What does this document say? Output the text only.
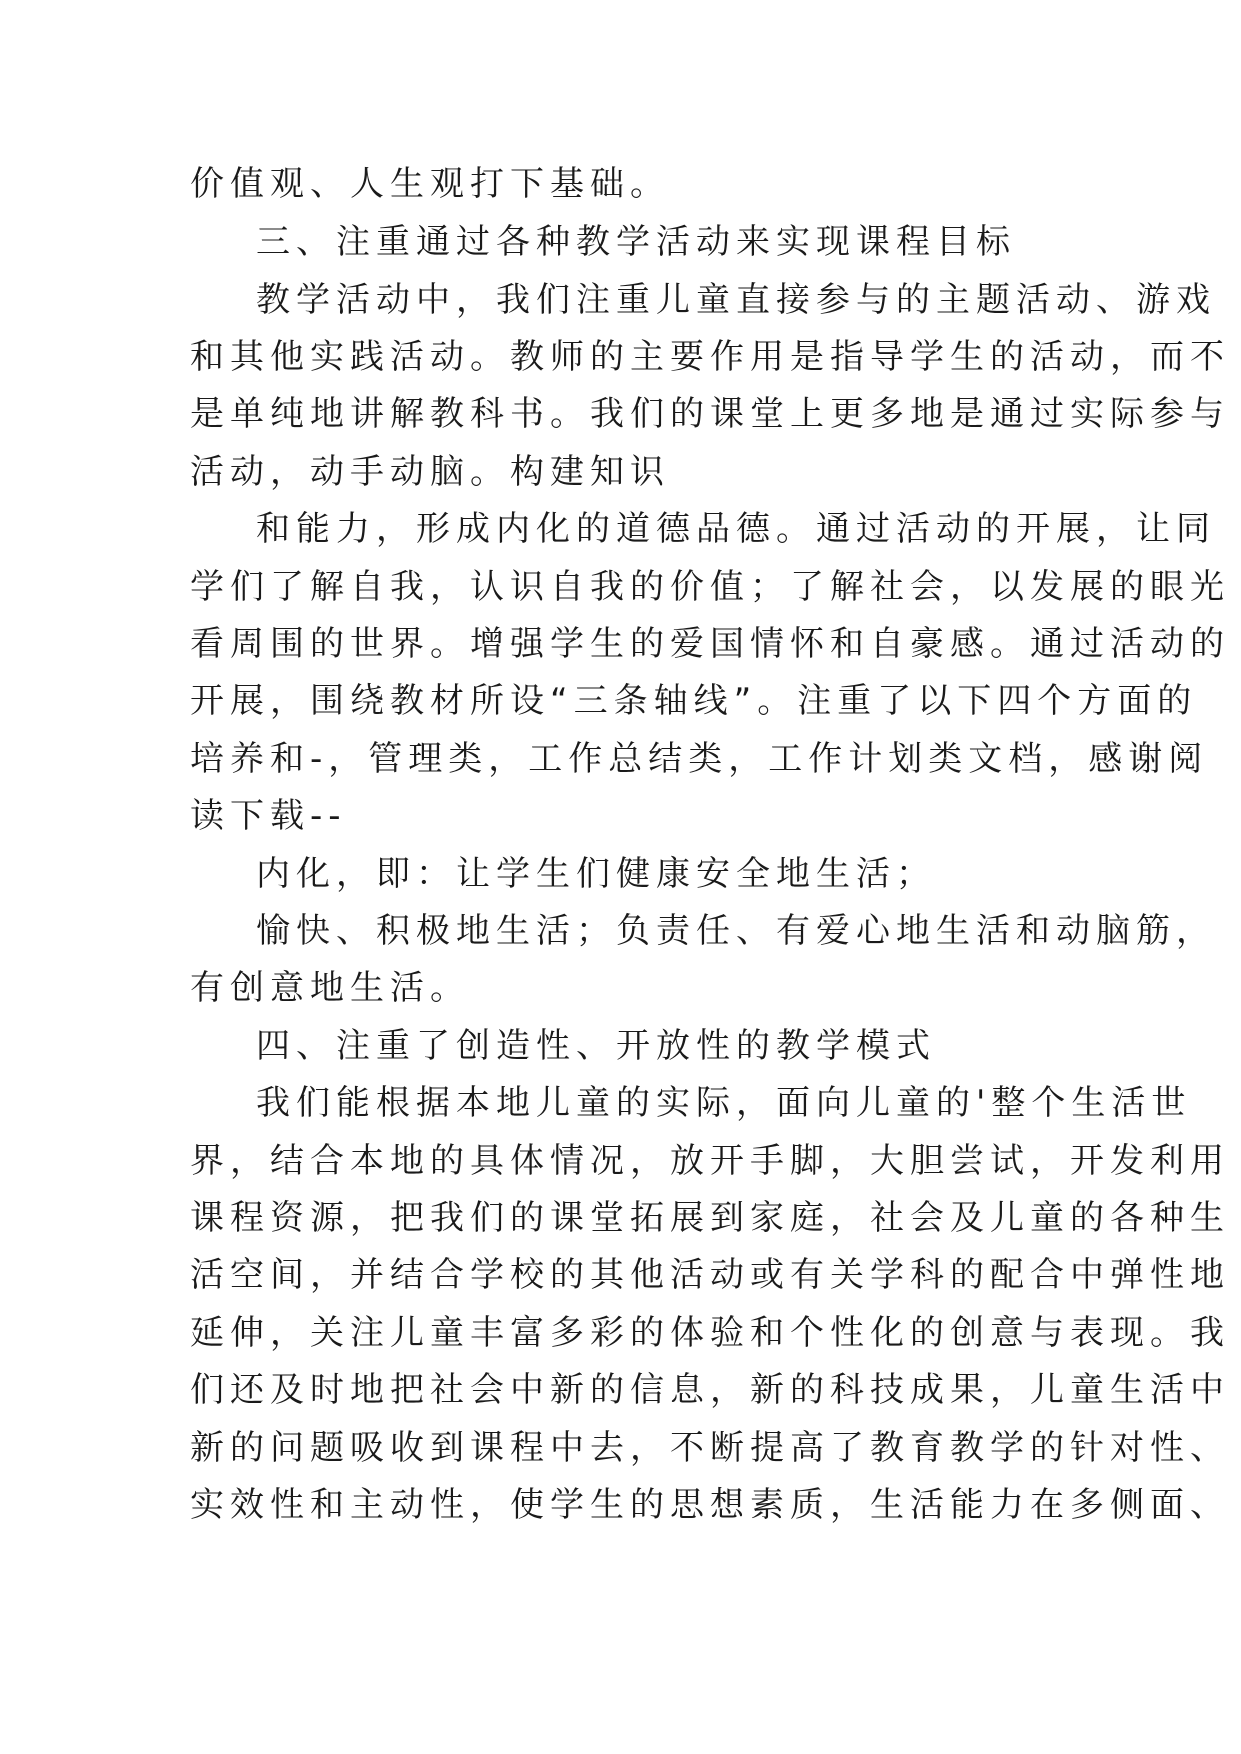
价值观、人生观打下基础。
三、注重通过各种教学活动来实现课程目标
教学活动中，我们注重儿童直接参与的主题活动、游戏
和其他实践活动。教师的主要作用是指导学生的活动，而不
是单纯地讲解教科书。我们的课堂上更多地是通过实际参与
活动，动手动脑。构建知识
和能力，形成内化的道德品德。通过活动的开展，让同
学们了解自我，认识自我的价值；了解社会，以发展的眼光
看周围的世界。增强学生的爱国情怀和自豪感。通过活动的
开展，围绕教材所设“三条轴线”。注重了以下四个方面的
培养和-，管理类，工作总结类，工作计划类文档，感谢阅
读下载--
内化，即：让学生们健康安全地生活；
愉快、积极地生活；负责任、有爱心地生活和动脑筋，
有创意地生活。
四、注重了创造性、开放性的教学模式
我们能根据本地儿童的实际，面向儿童的'整个生活世
界，结合本地的具体情况，放开手脚，大胆尝试，开发利用
课程资源，把我们的课堂拓展到家庭，社会及儿童的各种生
活空间，并结合学校的其他活动或有关学科的配合中弹性地
延伸，关注儿童丰富多彩的体验和个性化的创意与表现。我
们还及时地把社会中新的信息，新的科技成果，儿童生活中
新的问题吸收到课程中去，不断提高了教育教学的针对性、
实效性和主动性，使学生的思想素质，生活能力在多侧面、
